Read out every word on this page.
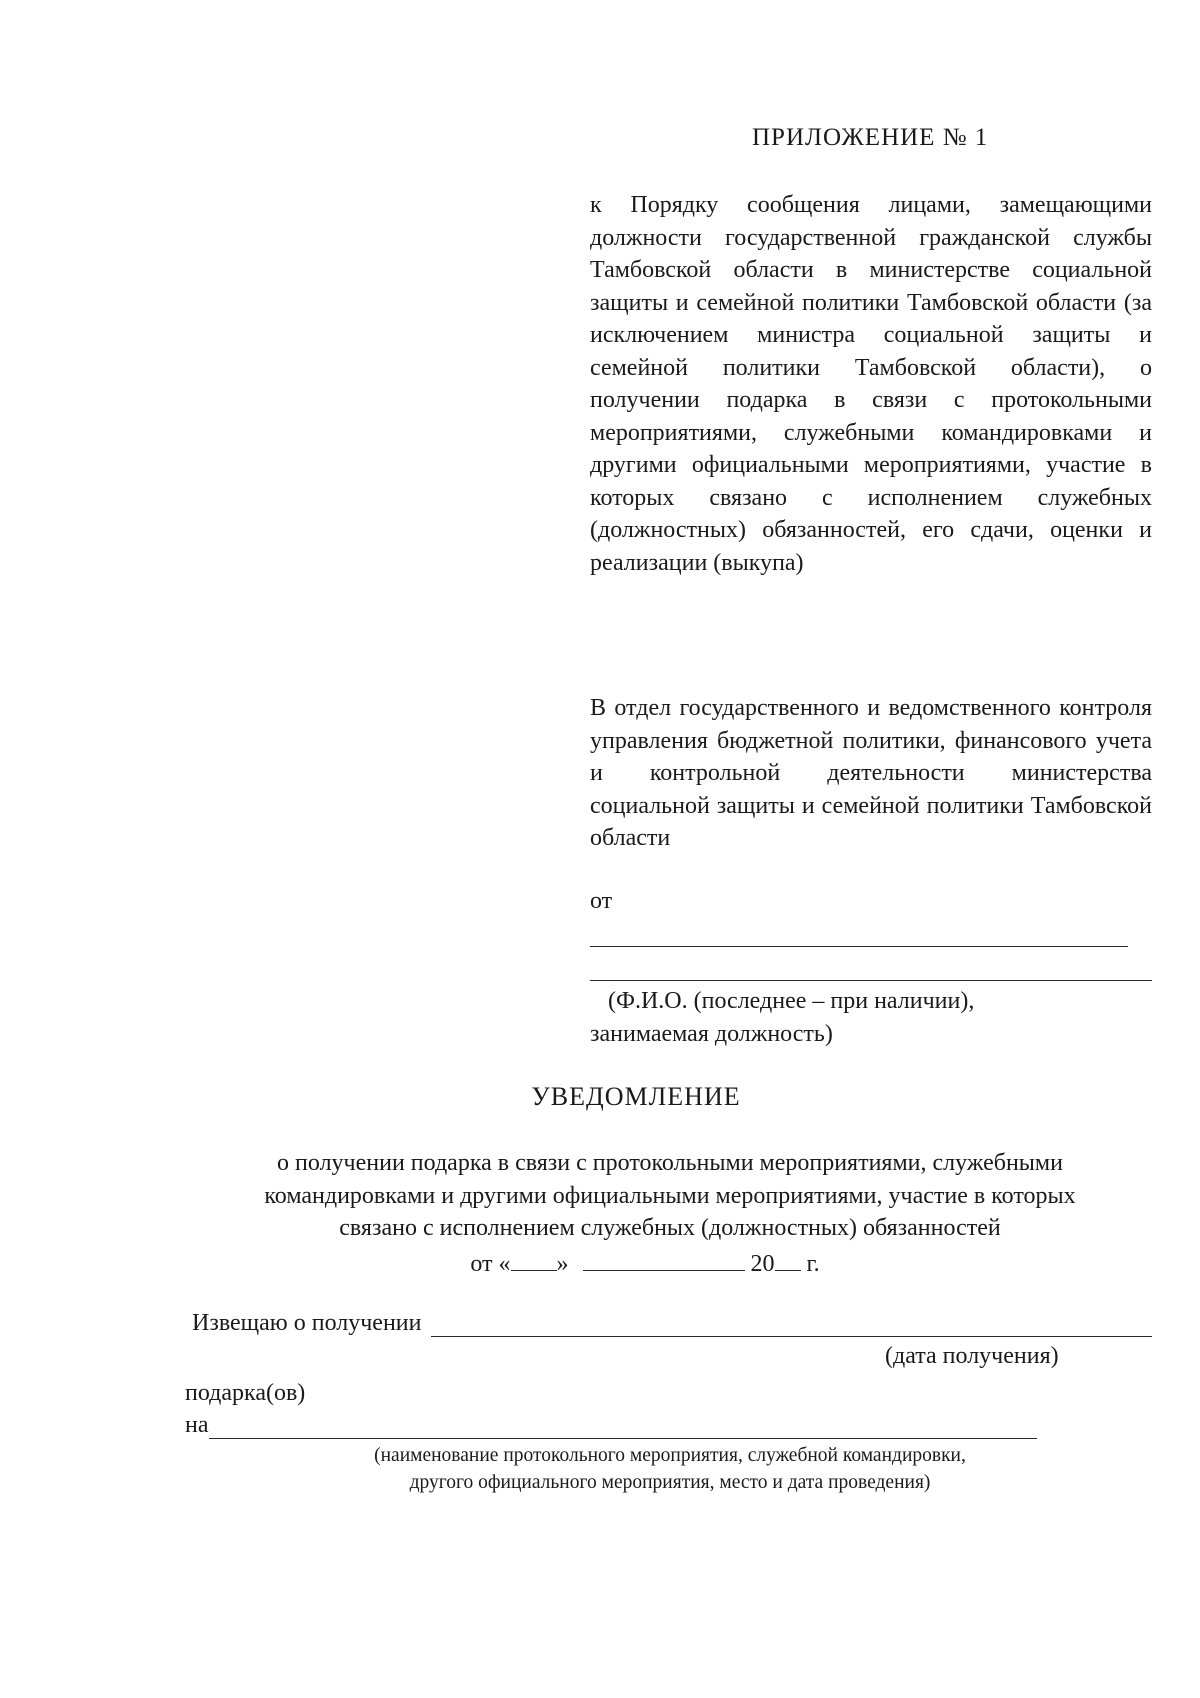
ПРИЛОЖЕНИЕ № 1
к Порядку сообщения лицами, замещающими должности государственной гражданской службы Тамбовской области в министерстве социальной защиты и семейной политики Тамбовской области (за исключением министра социальной защиты и семейной политики Тамбовской области), о получении подарка в связи с протокольными мероприятиями, служебными командировками и другими официальными мероприятиями, участие в которых связано с исполнением служебных (должностных) обязанностей, его сдачи, оценки и реализации (выкупа)
В отдел государственного и ведомственного контроля управления бюджетной политики, финансового учета и контрольной деятельности министерства социальной защиты и семейной политики Тамбовской области
от
(Ф.И.О. (последнее – при наличии),
занимаемая должность)
УВЕДОМЛЕНИЕ
о получении подарка в связи с протокольными мероприятиями, служебными
командировками и другими официальными мероприятиями, участие в которых
связано с исполнением служебных (должностных) обязанностей
от « »	20 г.
Извещаю о получении
(дата получения)
подарка(ов)
на
(наименование протокольного мероприятия, служебной командировки,
другого официального мероприятия, место и дата проведения)
